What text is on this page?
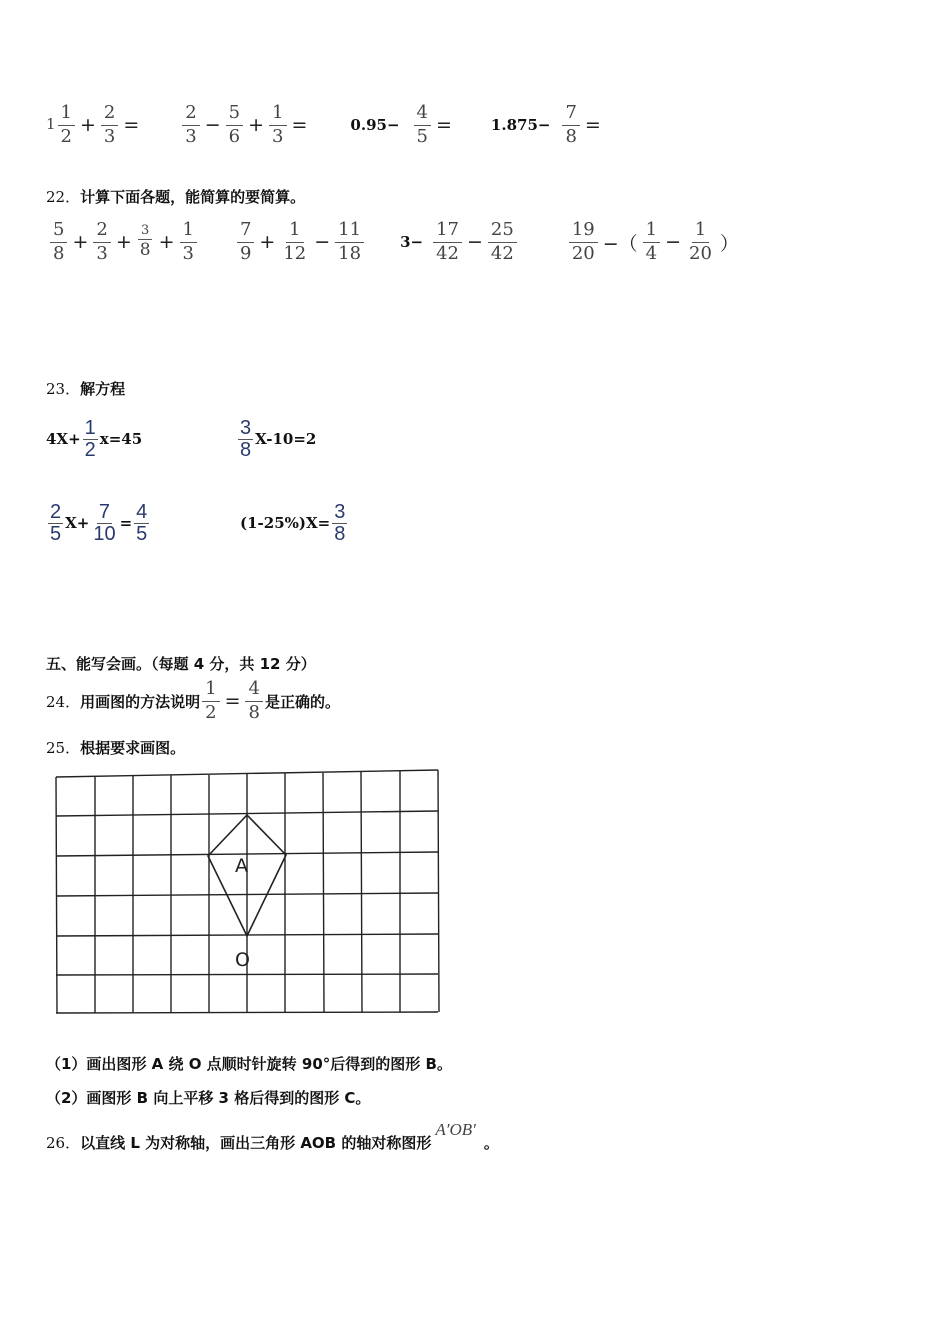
$1 \frac{1}{2} + \frac{2}{3} = \frac{2}{3} - \frac{5}{6} + \frac{1}{3}$ =	$0.95- \frac{4}{5}$ =	$1.875- \frac{7}{8}$ =
22．计算下面各题，能简算的要简算。
$\frac{5}{8} + \frac{2}{3} + \frac{3}{8} + \frac{1}{3} \frac{7}{9} + \frac{1}{12} - \frac{11}{18} 3- \frac{17}{42} - \frac{25}{42}$	$\frac{19}{20}$ −（ $\frac{1}{4} - \frac{1}{20}$ ）
23．解方程
$4X+ \frac{1}{2} x=45$	$\frac{3}{8} X-10=2$
$\frac{2}{5} X+ \frac{7}{10} = \frac{4}{5}$	$(1-25\%)X= \frac{3}{8}$
五、能写会画。（每题 4 分，共 12 分）
24． 用画图的方法说明 $\frac{1}{2} = \frac{4}{8}$ 是正确的。
25．根据要求画图。
A
O
（1）画出图形 A 绕 O 点顺时针旋转 90°后得到的图形 B。
（2）画图形 B 向上平移 3 格后得到的图形 C。
26． 以直线 L 为对称轴，画出三角形 AOB 的轴对称图形
A′OB′
。
